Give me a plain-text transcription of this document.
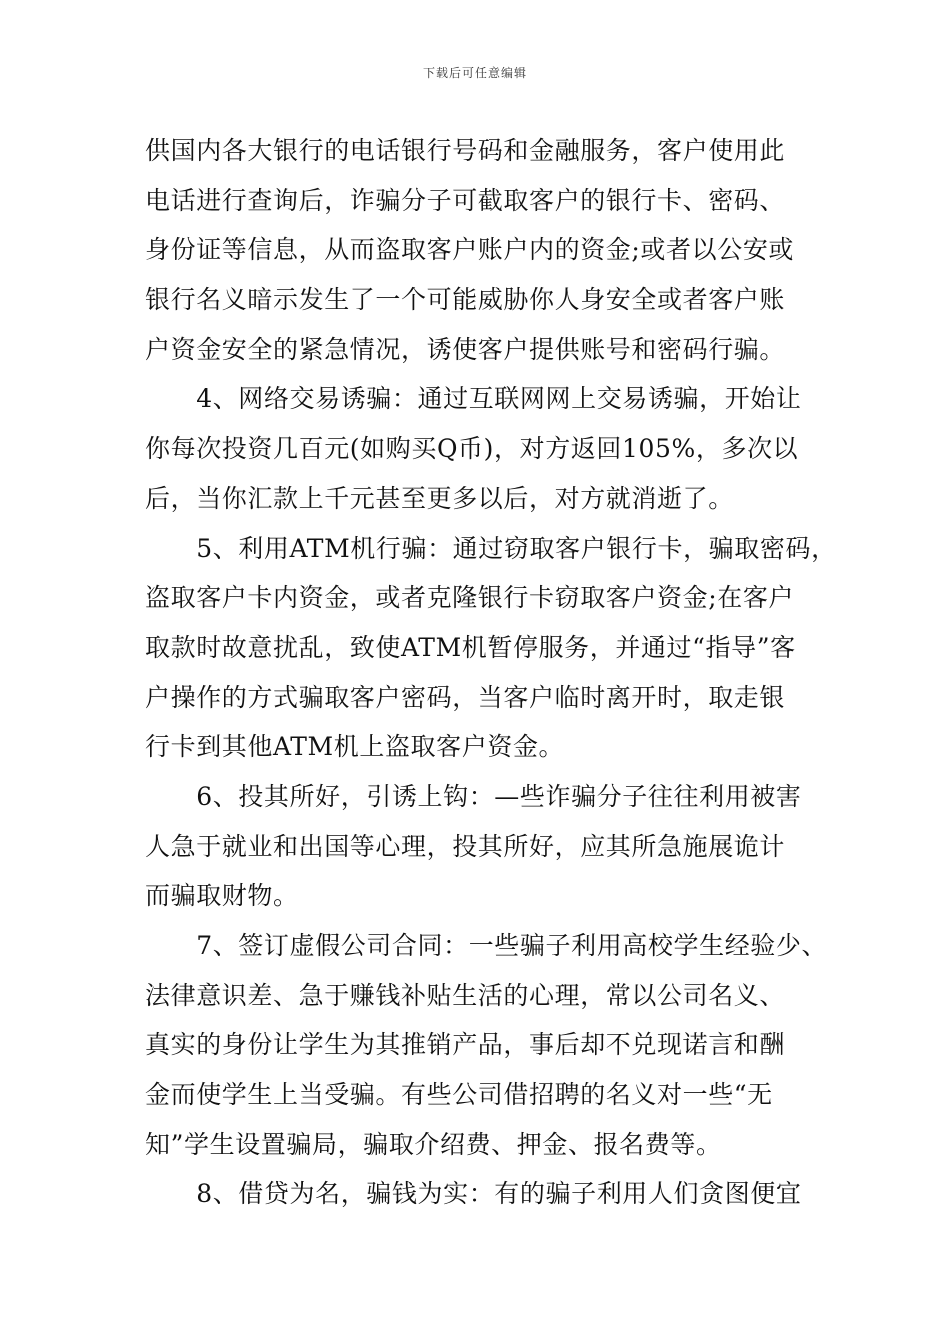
下载后可任意编辑
供国内各大银行的电话银行号码和金融服务，客户使用此
电话进行查询后，诈骗分子可截取客户的银行卡、密码、
身份证等信息，从而盗取客户账户内的资金;或者以公安或
银行名义暗示发生了一个可能威胁你人身安全或者客户账
户资金安全的紧急情况，诱使客户提供账号和密码行骗。
　　4、网络交易诱骗：通过互联网网上交易诱骗，开始让
你每次投资几百元(如购买Q币)，对方返回105%，多次以
后，当你汇款上千元甚至更多以后，对方就消逝了。
　　5、利用ATM机行骗：通过窃取客户银行卡，骗取密码，
盗取客户卡内资金，或者克隆银行卡窃取客户资金;在客户
取款时故意扰乱，致使ATM机暂停服务，并通过“指导”客
户操作的方式骗取客户密码，当客户临时离开时，取走银
行卡到其他ATM机上盗取客户资金。
　　6、投其所好，引诱上钩：—些诈骗分子往往利用被害
人急于就业和出国等心理，投其所好，应其所急施展诡计
而骗取财物。
　　7、签订虚假公司合同：一些骗子利用高校学生经验少、
法律意识差、急于赚钱补贴生活的心理，常以公司名义、
真实的身份让学生为其推销产品，事后却不兑现诺言和酬
金而使学生上当受骗。有些公司借招聘的名义对一些“无
知”学生设置骗局，骗取介绍费、押金、报名费等。
　　8、借贷为名，骗钱为实：有的骗子利用人们贪图便宜
